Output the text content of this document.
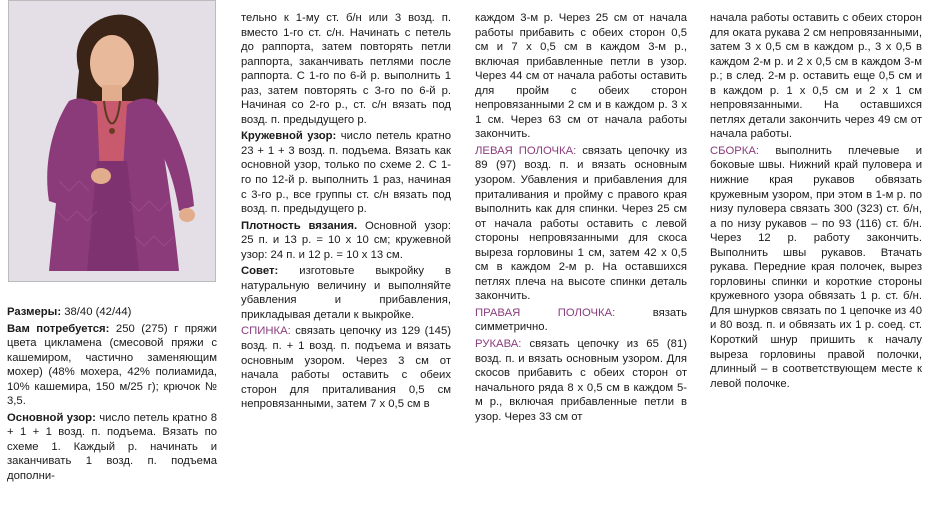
Размеры: 38/40 (42/44)

Вам потребуется: 250 (275) г пряжи цвета цикламена (смесовой пряжи с кашемиром, частично заменяющим мохер) (48% мохера, 42% полиамида, 10% кашемира, 150 м/25 г); крючок № 3,5.

Основной узор: число петель кратно 8 + 1 + 1 возд. п. подъема. Вязать по схеме 1. Каждый р. начинать и заканчивать 1 возд. п. подъема дополни-

тельно к 1-му ст. б/н или 3 возд. п. вместо 1-го ст. с/н. Начинать с петель до раппорта, затем повторять петли раппорта, заканчивать петлями после раппорта. С 1-го по 6-й р. выполнить 1 раз, затем повторять с 3-го по 6-й р. Начиная со 2-го р., ст. с/н вязать под возд. п. предыдущего р.

Кружевной узор: число петель кратно 23 + 1 + 3 возд. п. подъема. Вязать как основной узор, только по схеме 2. С 1-го по 12-й р. выполнить 1 раз, начиная с 3-го р., все группы ст. с/н вязать под возд. п. предыдущего р.

Плотность вязания. Основной узор: 25 п. и 13 р. = 10 х 10 см; кружевной узор: 24 п. и 12 р. = 10 х 13 см.

Совет: изготовьте выкройку в натуральную величину и выполняйте убавления и прибавления, прикладывая детали к выкройке.

СПИНКА: связать цепочку из 129 (145) возд. п. + 1 возд. п. подъема и вязать основным узором. Через 3 см от начала работы оставить с обеих сторон для приталивания 0,5 см непровязанными, затем 7 х 0,5 см в

каждом 3-м р. Через 25 см от начала работы прибавить с обеих сторон 0,5 см и 7 х 0,5 см в каждом 3-м р., включая прибавленные петли в узор. Через 44 см от начала работы оставить для пройм с обеих сторон непровязанными 2 см и в каждом р. 3 х 1 см. Через 63 см от начала работы закончить.

ЛЕВАЯ ПОЛОЧКА: связать цепочку из 89 (97) возд. п. и вязать основным узором. Убавления и прибавления для приталивания и пройму с правого края выполнить как для спинки. Через 25 см от начала работы оставить с левой стороны непровязанными для скоса выреза горловины 1 см, затем 42 х 0,5 см в каждом 2-м р. На оставшихся петлях плеча на высоте спинки деталь закончить.

ПРАВАЯ ПОЛОЧКА: вязать симметрично.

РУКАВА: связать цепочку из 65 (81) возд. п. и вязать основным узором. Для скосов прибавить с обеих сторон от начального ряда 8 х 0,5 см в каждом 5-м р., включая прибавленные петли в узор. Через 33 см от

начала работы оставить с обеих сторон для оката рукава 2 см непровязанными, затем 3 х 0,5 см в каждом р., 3 х 0,5 в каждом 2-м р. и 2 х 0,5 см в каждом 3-м р.; в след. 2-м р. оставить еще 0,5 см и в каждом р. 1 х 0,5 см и 2 х 1 см непровязанными. На оставшихся петлях детали закончить через 49 см от начала работы.

СБОРКА: выполнить плечевые и боковые швы. Нижний край пуловера и нижние края рукавов обвязать кружевным узором, при этом в 1-м р. по низу пуловера связать 300 (323) ст. б/н, а по низу рукавов – по 93 (116) ст. б/н. Через 12 р. работу закончить. Выполнить швы рукавов. Втачать рукава. Передние края полочек, вырез горловины спинки и короткие стороны кружевного узора обвязать 1 р. ст. б/н. Для шнурков связать по 1 цепочке из 40 и 80 возд. п. и обвязать их 1 р. соед. ст. Короткий шнур пришить к началу выреза горловины правой полочки, длинный – в соответствующем месте к левой полочке.
